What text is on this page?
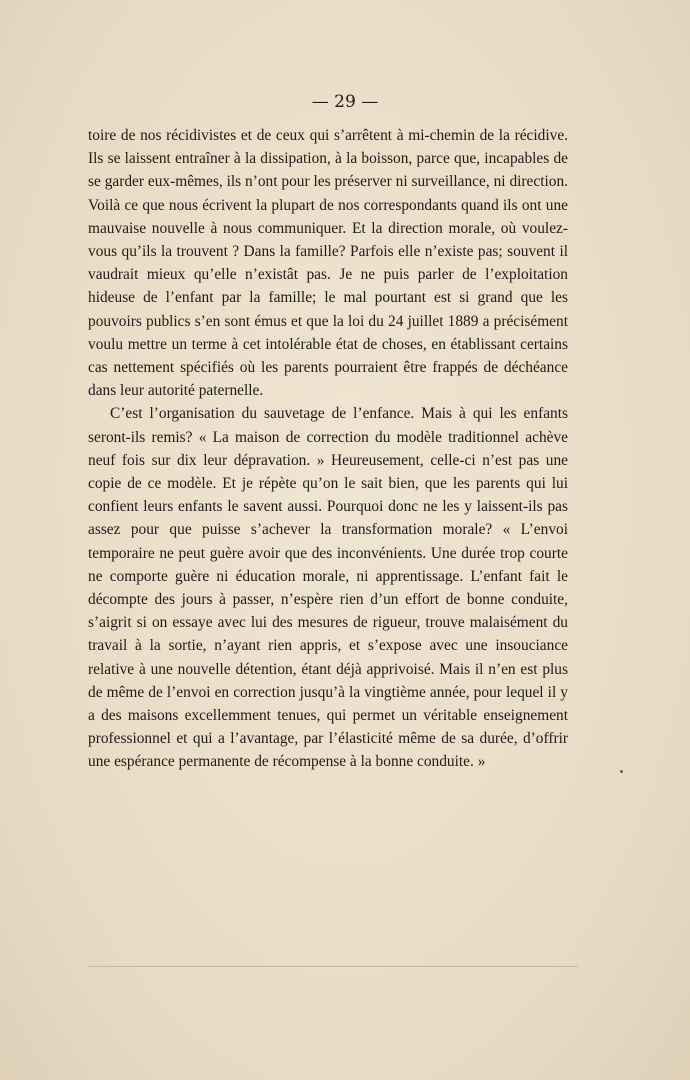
— 29 —

toire de nos récidivistes et de ceux qui s’arrêtent à mi-chemin de la récidive. Ils se laissent entraîner à la dissipation, à la boisson, parce que, incapables de se garder eux-mêmes, ils n’ont pour les préserver ni surveillance, ni direction. Voilà ce que nous écrivent la plupart de nos correspondants quand ils ont une mauvaise nouvelle à nous communiquer. Et la direction morale, où voulez-vous qu’ils la trouvent ? Dans la famille? Parfois elle n’existe pas; souvent il vaudrait mieux qu’elle n’existât pas. Je ne puis parler de l’exploitation hideuse de l’enfant par la famille; le mal pourtant est si grand que les pouvoirs publics s’en sont émus et que la loi du 24 juillet 1889 a précisément voulu mettre un terme à cet intolérable état de choses, en établissant certains cas nettement spécifiés où les parents pourraient être frappés de déchéance dans leur autorité paternelle.

C’est l’organisation du sauvetage de l’enfance. Mais à qui les enfants seront-ils remis? « La maison de correction du modèle traditionnel achève neuf fois sur dix leur dépravation. » Heureusement, celle-ci n’est pas une copie de ce modèle. Et je répète qu’on le sait bien, que les parents qui lui confient leurs enfants le savent aussi. Pourquoi donc ne les y laissent-ils pas assez pour que puisse s’achever la transformation morale? « L’envoi temporaire ne peut guère avoir que des inconvénients. Une durée trop courte ne comporte guère ni éducation morale, ni apprentissage. L’enfant fait le décompte des jours à passer, n’espère rien d’un effort de bonne conduite, s’aigrit si on essaye avec lui des mesures de rigueur, trouve malaisément du travail à la sortie, n’ayant rien appris, et s’expose avec une insouciance relative à une nouvelle détention, étant déjà apprivoisé. Mais il n’en est plus de même de l’envoi en correction jusqu’à la vingtième année, pour lequel il y a des maisons excellemment tenues, qui permet un véritable enseignement professionnel et qui a l’avantage, par l’élasticité même de sa durée, d’offrir une espérance permanente de récompense à la bonne conduite. »
